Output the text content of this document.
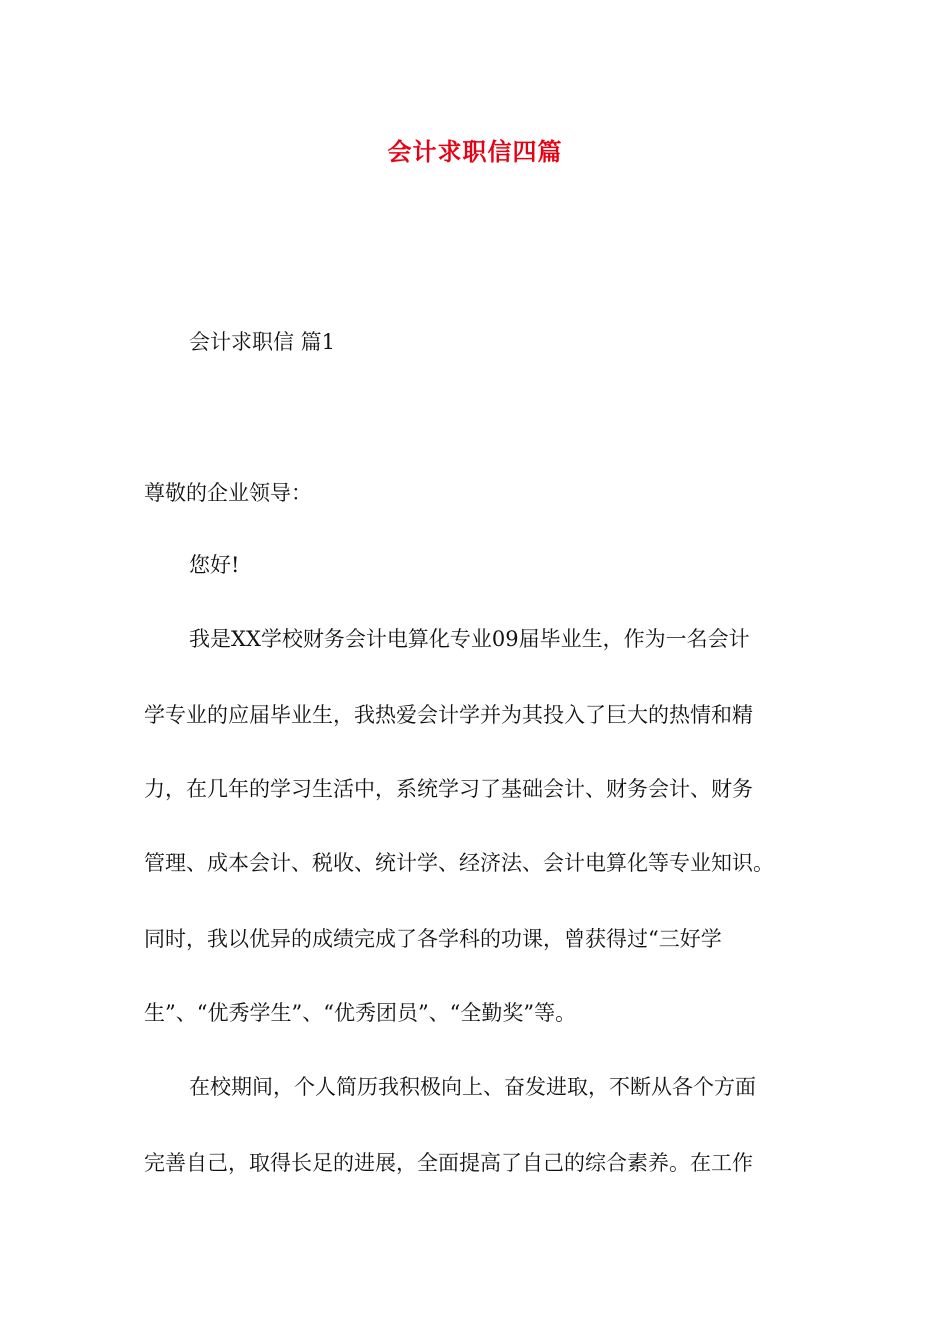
会计求职信四篇

会计求职信 篇1

尊敬的企业领导：

您好!

我是XX学校财务会计电算化专业09届毕业生，作为一名会计

学专业的应届毕业生，我热爱会计学并为其投入了巨大的热情和精

力，在几年的学习生活中，系统学习了基础会计、财务会计、财务

管理、成本会计、税收、统计学、经济法、会计电算化等专业知识。

同时，我以优异的成绩完成了各学科的功课，曾获得过“三好学

生”、“优秀学生”、“优秀团员”、“全勤奖”等。

在校期间，个人简历我积极向上、奋发进取，不断从各个方面

完善自己，取得长足的进展，全面提高了自己的综合素养。在工作
